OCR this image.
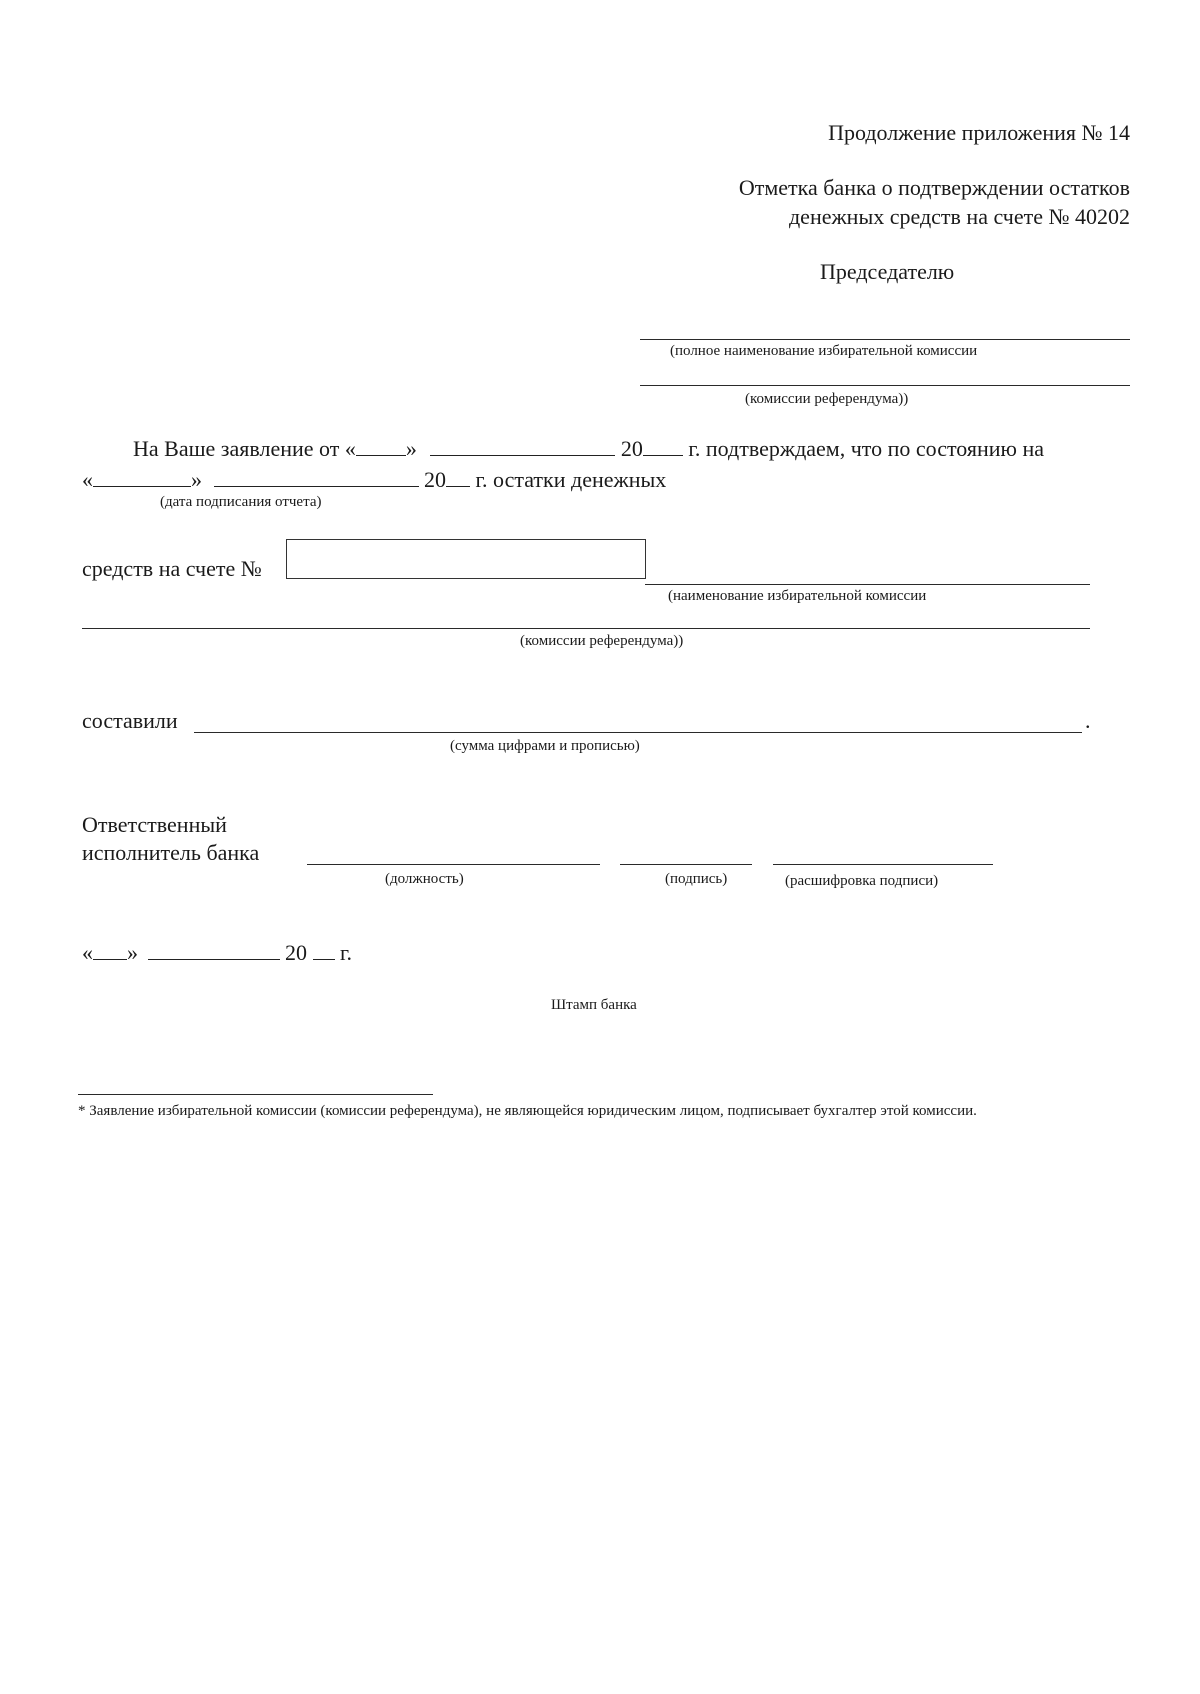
Продолжение приложения № 14
Отметка банка о подтверждении остатков
денежных средств на счете № 40202
Председателю
(полное наименование избирательной комиссии
(комиссии референдума))
На Ваше заявление от « »	20 г. подтверждаем, что по состоянию на
«	»	20 г. остатки денежных
(дата подписания отчета)
средств на счете №
(наименование избирательной комиссии
(комиссии референдума))
составили	.
(сумма цифрами и прописью)
Ответственный
исполнитель банка
(должность)	(подпись)	(расшифровка подписи)
« »	20 г.
Штамп банка
* Заявление избирательной комиссии (комиссии референдума), не являющейся юридическим лицом, подписывает бухгалтер этой комиссии.
